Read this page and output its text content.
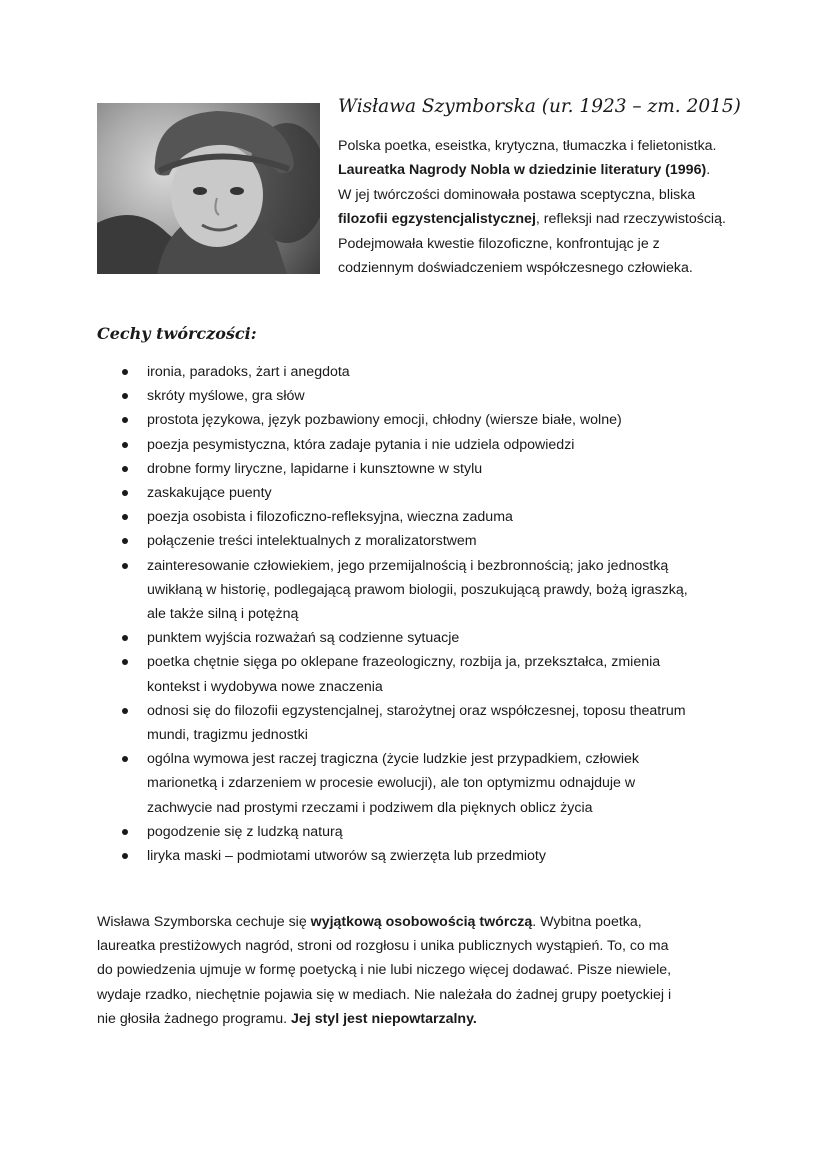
Wisława Szymborska (ur. 1923 – zm. 2015)

Polska poetka, eseistka, krytyczna, tłumaczka i felietonistka.
Laureatka Nagrody Nobla w dziedzinie literatury (1996).
W jej twórczości dominowała postawa sceptyczna, bliska
filozofii egzystencjalistycznej, refleksji nad rzeczywistością.
Podejmowała kwestie filozoficzne, konfrontując je z
codziennym doświadczeniem współczesnego człowieka.

Cechy twórczości:
ironia, paradoks, żart i anegdota
skróty myślowe, gra słów
prostota językowa, język pozbawiony emocji, chłodny (wiersze białe, wolne)
poezja pesymistyczna, która zadaje pytania i nie udziela odpowiedzi
drobne formy liryczne, lapidarne i kunsztowne w stylu
zaskakujące puenty
poezja osobista i filozoficzno-refleksyjna, wieczna zaduma
połączenie treści intelektualnych z moralizatorstwem
zainteresowanie człowiekiem, jego przemijalnością i bezbronnością; jako jednostką
uwikłaną w historię, podlegającą prawom biologii, poszukującą prawdy, bożą igraszką,
ale także silną i potężną
punktem wyjścia rozważań są codzienne sytuacje
poetka chętnie sięga po oklepane frazeologiczny, rozbija ja, przekształca, zmienia
kontekst i wydobywa nowe znaczenia
odnosi się do filozofii egzystencjalnej, starożytnej oraz współczesnej, toposu theatrum
mundi, tragizmu jednostki
ogólna wymowa jest raczej tragiczna (życie ludzkie jest przypadkiem, człowiek
marionetką i zdarzeniem w procesie ewolucji), ale ton optymizmu odnajduje w
zachwycie nad prostymi rzeczami i podziwem dla pięknych oblicz życia
pogodzenie się z ludzką naturą
liryka maski – podmiotami utworów są zwierzęta lub przedmioty

Wisława Szymborska cechuje się wyjątkową osobowością twórczą. Wybitna poetka,
laureatka prestiżowych nagród, stroni od rozgłosu i unika publicznych wystąpień. To, co ma
do powiedzenia ujmuje w formę poetycką i nie lubi niczego więcej dodawać. Pisze niewiele,
wydaje rzadko, niechętnie pojawia się w mediach. Nie należała do żadnej grupy poetyckiej i
nie głosiła żadnego programu. Jej styl jest niepowtarzalny.
